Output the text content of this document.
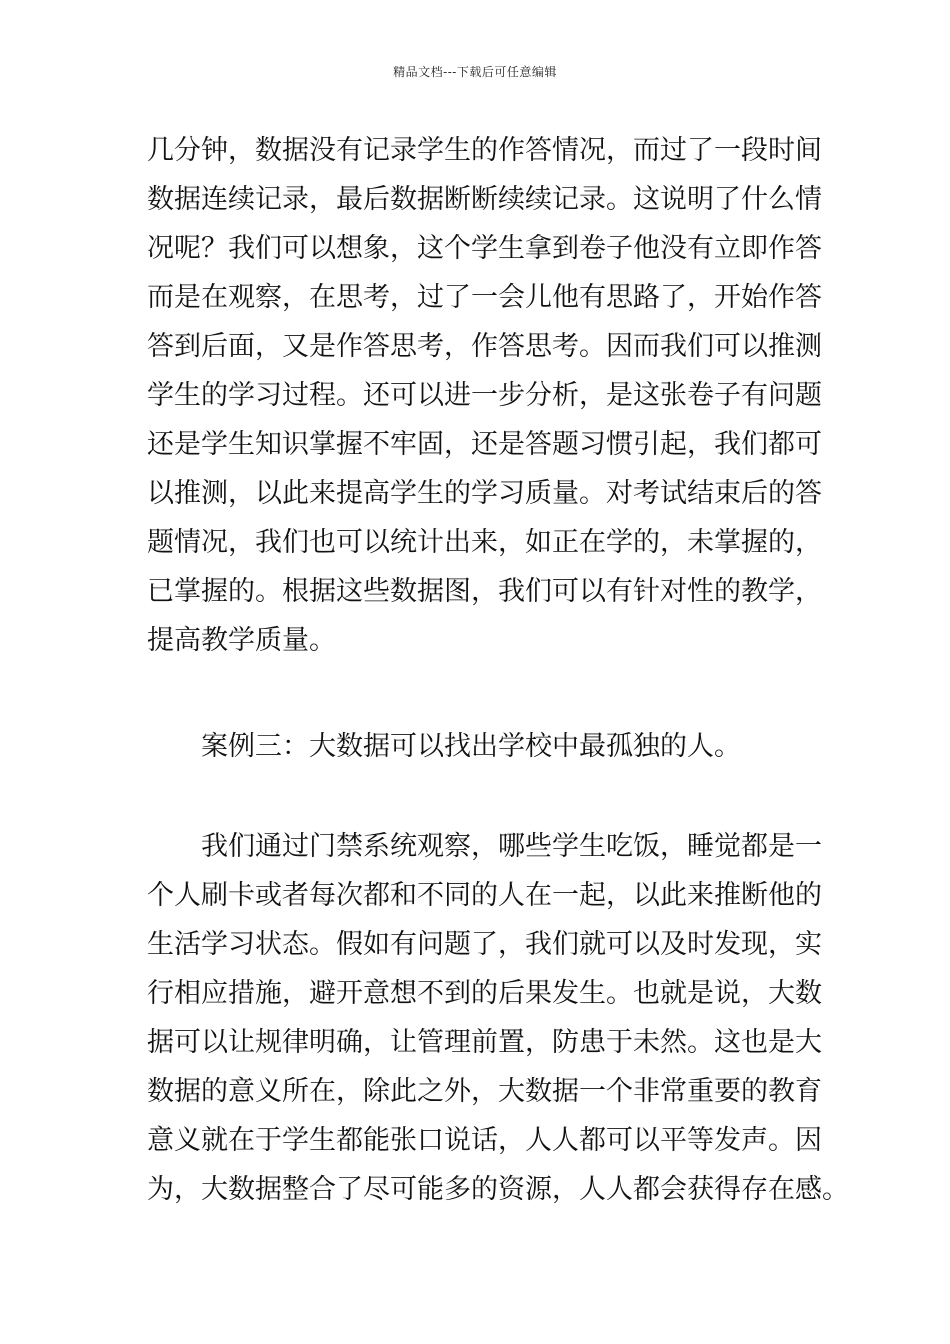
精品文档---下载后可任意编辑
几分钟，数据没有记录学生的作答情况，而过了一段时间
数据连续记录，最后数据断断续续记录。这说明了什么情
况呢？我们可以想象，这个学生拿到卷子他没有立即作答
而是在观察，在思考，过了一会儿他有思路了，开始作答
答到后面，又是作答思考，作答思考。因而我们可以推测
学生的学习过程。还可以进一步分析，是这张卷子有问题
还是学生知识掌握不牢固，还是答题习惯引起，我们都可
以推测，以此来提高学生的学习质量。对考试结束后的答
题情况，我们也可以统计出来，如正在学的，未掌握的，
已掌握的。根据这些数据图，我们可以有针对性的教学，
提高教学质量。
　　案例三：大数据可以找出学校中最孤独的人。
　　我们通过门禁系统观察，哪些学生吃饭，睡觉都是一
个人刷卡或者每次都和不同的人在一起，以此来推断他的
生活学习状态。假如有问题了，我们就可以及时发现，实
行相应措施，避开意想不到的后果发生。也就是说，大数
据可以让规律明确，让管理前置，防患于未然。这也是大
数据的意义所在，除此之外，大数据一个非常重要的教育
意义就在于学生都能张口说话，人人都可以平等发声。因
为，大数据整合了尽可能多的资源，人人都会获得存在感。
